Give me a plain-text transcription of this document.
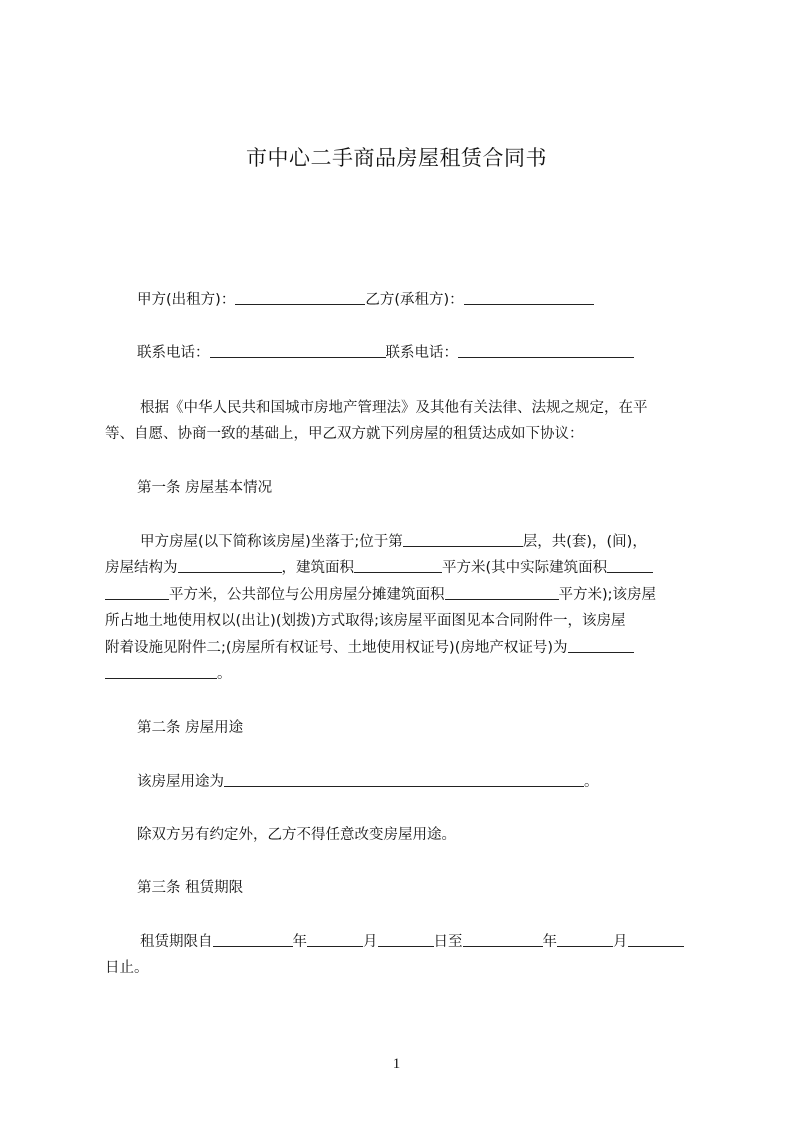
市中心二手商品房屋租赁合同书
甲方(出租方)：	乙方(承租方)：
联系电话：	联系电话：
根据《中华人民共和国城市房地产管理法》及其他有关法律、法规之规定，在平
等、自愿、协商一致的基础上，甲乙双方就下列房屋的租赁达成如下协议：
第一条 房屋基本情况
甲方房屋(以下简称该房屋)坐落于;位于第	层，共(套)，(间)，
房屋结构为	，建筑面积	平方米(其中实际建筑面积
平方米，公共部位与公用房屋分摊建筑面积	平方米);该房屋
所占地土地使用权以(出让)(划拨)方式取得;该房屋平面图见本合同附件一，该房屋
附着设施见附件二;(房屋所有权证号、土地使用权证号)(房地产权证号)为
。
第二条 房屋用途
该房屋用途为	。
除双方另有约定外，乙方不得任意改变房屋用途。
第三条 租赁期限
租赁期限自	年	月	日至	年	月
日止。
1
